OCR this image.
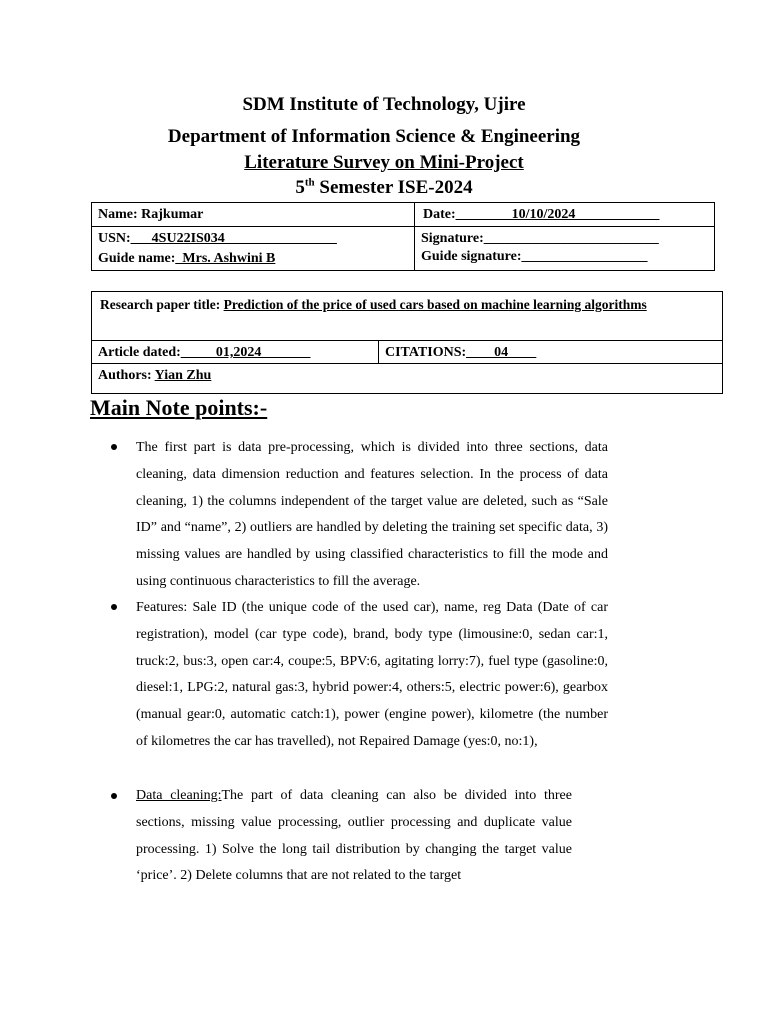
SDM Institute of Technology, Ujire
Department of Information Science & Engineering
Literature Survey on Mini-Project
5th Semester ISE-2024
Name: Rajkumar	Date:________10/10/2024____________
USN:___4SU22IS034________________
Guide name:_Mrs. Ashwini B
Signature:_________________________
Guide signature:__________________
Research paper title: Prediction of the price of used cars based on machine learning algorithms
Article dated:_____01,2024_______	CITATIONS:____04____
Authors: Yian Zhu
Main Note points:-
The first part is data pre-processing, which is divided into three sections, data cleaning, data dimension reduction and features selection. In the process of data cleaning, 1) the columns independent of the target value are deleted, such as “Sale ID” and “name”, 2) outliers are handled by deleting the training set specific data, 3) missing values are handled by using classified characteristics to fill the mode and using continuous characteristics to fill the average.
Features: Sale ID (the unique code of the used car), name, reg Data (Date of car registration), model (car type code), brand, body type (limousine:0, sedan car:1, truck:2, bus:3, open car:4, coupe:5, BPV:6, agitating lorry:7), fuel type (gasoline:0, diesel:1, LPG:2, natural gas:3, hybrid power:4, others:5, electric power:6), gearbox (manual gear:0, automatic catch:1), power (engine power), kilometre (the number of kilometres the car has travelled), not Repaired Damage (yes:0, no:1),
Data cleaning:The part of data cleaning can also be divided into three sections, missing value processing, outlier processing and duplicate value processing. 1) Solve the long tail distribution by changing the target value ‘price’. 2) Delete columns that are not related to the target
